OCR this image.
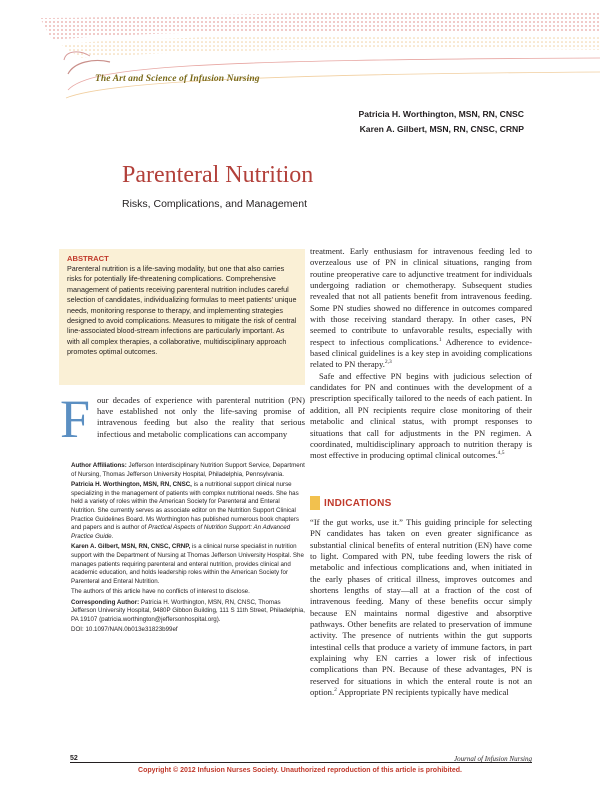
The Art and Science of Infusion Nursing
Patricia H. Worthington, MSN, RN, CNSC
Karen A. Gilbert, MSN, RN, CNSC, CRNP
Parenteral Nutrition
Risks, Complications, and Management
ABSTRACT
Parenteral nutrition is a life-saving modality, but one that also carries risks for potentially life-threatening complications. Comprehensive management of patients receiving parenteral nutrition includes careful selection of candidates, individualizing formulas to meet patients’ unique needs, monitoring response to therapy, and implementing strategies designed to avoid complications. Measures to mitigate the risk of central line-associated blood-stream infections are particularly important. As with all complex therapies, a collaborative, multidisciplinary approach promotes optimal outcomes.
F our decades of experience with parenteral nutrition (PN) have established not only the life-saving promise of intravenous feeding but also the reality that serious infectious and metabolic complications can accompany

Author Affiliations: Jefferson Interdisciplinary Nutrition Support Service, Department of Nursing, Thomas Jefferson University Hospital, Philadelphia, Pennsylvania.

Patricia H. Worthington, MSN, RN, CNSC, is a nutritional support clinical nurse specializing in the management of patients with complex nutritional needs. She has held a variety of roles within the American Society for Parenteral and Enteral Nutrition. She currently serves as associate editor on the Nutrition Support Clinical Practice Guidelines Board. Ms Worthington has published numerous book chapters and papers and is author of Practical Aspects of Nutrition Support: An Advanced Practice Guide.

Karen A. Gilbert, MSN, RN, CNSC, CRNP, is a clinical nurse specialist in nutrition support with the Department of Nursing at Thomas Jefferson University Hospital. She manages patients requiring parenteral and enteral nutrition, provides clinical and academic education, and holds leadership roles within the American Society for Parenteral and Enteral Nutrition.

The authors of this article have no conflicts of interest to disclose.

Corresponding Author: Patricia H. Worthington, MSN, RN, CNSC, Thomas Jefferson University Hospital, 9480P Gibbon Building, 111 S 11th Street, Philadelphia, PA 19107 (patricia.worthington@jeffersonhospital.org).

DOI: 10.1097/NAN.0b013e31823b99ef

treatment. Early enthusiasm for intravenous feeding led to overzealous use of PN in clinical situations, ranging from routine preoperative care to adjunctive treatment for individuals undergoing radiation or chemotherapy. Subsequent studies revealed that not all patients benefit from intravenous feeding. Some PN studies showed no difference in outcomes compared with those receiving standard therapy. In other cases, PN seemed to contribute to unfavorable results, especially with respect to infectious complications.$^1$ Adherence to evidence-based clinical guidelines is a key step in avoiding complications related to PN therapy.$^{2,3}$

Safe and effective PN begins with judicious selection of candidates for PN and continues with the development of a prescription specifically tailored to the needs of each patient. In addition, all PN recipients require close monitoring of their metabolic and clinical status, with prompt responses to situations that call for adjustments in the PN regimen. A coordinated, multidisciplinary approach to nutrition therapy is most effective in producing optimal clinical outcomes.$^{4,5}$

INDICATIONS
“If the gut works, use it.” This guiding principle for selecting PN candidates has taken on even greater significance as substantial clinical benefits of enteral nutrition (EN) have come to light. Compared with PN, tube feeding lowers the risk of metabolic and infectious complications and, when initiated in the early phases of critical illness, improves outcomes and shortens lengths of stay—all at a fraction of the cost of intravenous feeding. Many of these benefits occur simply because EN maintains normal digestive and absorptive pathways. Other benefits are related to preservation of immune activity. The presence of nutrients within the gut supports intestinal cells that produce a variety of immune factors, in part explaining why EN carries a lower risk of infectious complications than PN. Because of these advantages, PN is reserved for situations in which the enteral route is not an option.$^2$ Appropriate PN recipients typically have medical
52	Journal of Infusion Nursing
Copyright © 2012 Infusion Nurses Society. Unauthorized reproduction of this article is prohibited.
